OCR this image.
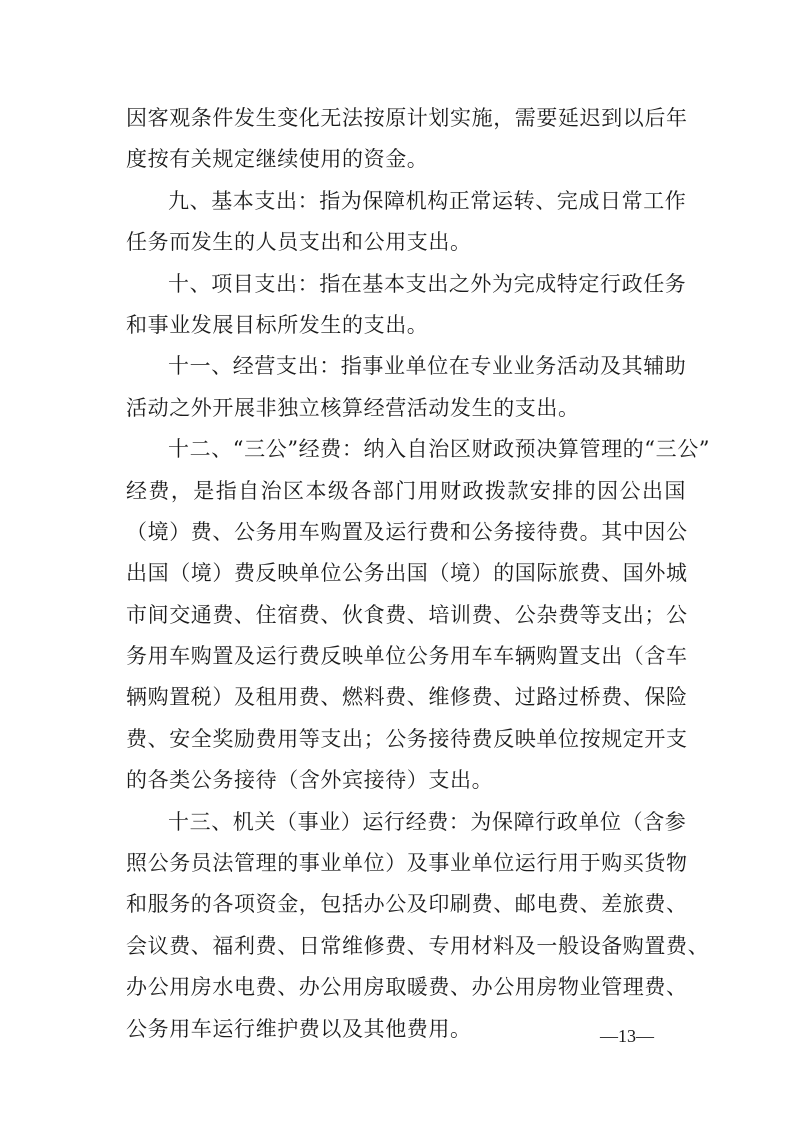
因客观条件发生变化无法按原计划实施，需要延迟到以后年
度按有关规定继续使用的资金。
九、基本支出：指为保障机构正常运转、完成日常工作
任务而发生的人员支出和公用支出。
十、项目支出：指在基本支出之外为完成特定行政任务
和事业发展目标所发生的支出。
十一、经营支出：指事业单位在专业业务活动及其辅助
活动之外开展非独立核算经营活动发生的支出。
十二、“三公”经费：纳入自治区财政预决算管理的“三公”
经费，是指自治区本级各部门用财政拨款安排的因公出国
（境）费、公务用车购置及运行费和公务接待费。其中因公
出国（境）费反映单位公务出国（境）的国际旅费、国外城
市间交通费、住宿费、伙食费、培训费、公杂费等支出；公
务用车购置及运行费反映单位公务用车车辆购置支出（含车
辆购置税）及租用费、燃料费、维修费、过路过桥费、保险
费、安全奖励费用等支出；公务接待费反映单位按规定开支
的各类公务接待（含外宾接待）支出。
十三、机关（事业）运行经费：为保障行政单位（含参
照公务员法管理的事业单位）及事业单位运行用于购买货物
和服务的各项资金，包括办公及印刷费、邮电费、差旅费、
会议费、福利费、日常维修费、专用材料及一般设备购置费、
办公用房水电费、办公用房取暖费、办公用房物业管理费、
公务用车运行维护费以及其他费用。	—13—
